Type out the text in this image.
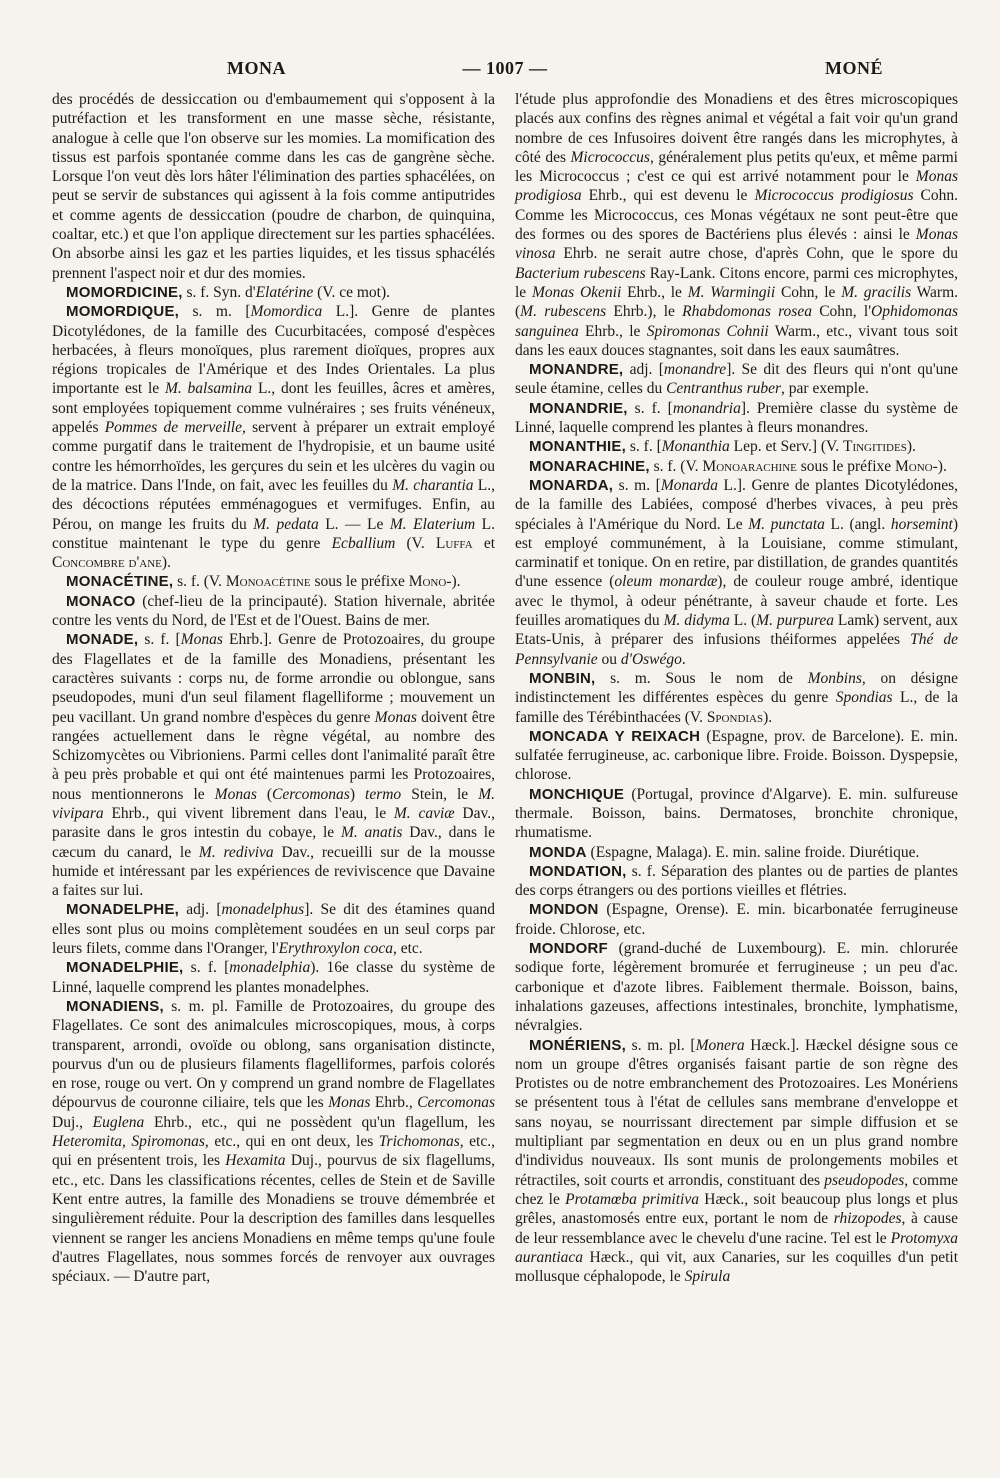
MONA	— 1007 —	MONÉ

des procédés de dessiccation ou d'embaumement qui s'opposent à la putréfaction et les transforment en une masse sèche, résistante, analogue à celle que l'on observe sur les momies. La momification des tissus est parfois spontanée comme dans les cas de gangrène sèche. Lorsque l'on veut dès lors hâter l'élimination des parties sphacélées, on peut se servir de substances qui agissent à la fois comme antiputrides et comme agents de dessiccation (poudre de charbon, de quinquina, coaltar, etc.) et que l'on applique directement sur les parties sphacélées. On absorbe ainsi les gaz et les parties liquides, et les tissus sphacélés prennent l'aspect noir et dur des momies.

MOMORDICINE, s. f. Syn. d'Elatérine (V. ce mot).

MOMORDIQUE, s. m. [Momordica L.]. Genre de plantes Dicotylédones, de la famille des Cucurbitacées, composé d'espèces herbacées, à fleurs monoïques, plus rarement dioïques, propres aux régions tropicales de l'Amérique et des Indes Orientales. La plus importante est le M. balsamina L., dont les feuilles, âcres et amères, sont employées topiquement comme vulnéraires ; ses fruits vénéneux, appelés Pommes de merveille, servent à préparer un extrait employé comme purgatif dans le traitement de l'hydropisie, et un baume usité contre les hémorrhoïdes, les gerçures du sein et les ulcères du vagin ou de la matrice. Dans l'Inde, on fait, avec les feuilles du M. charantia L., des décoctions réputées emménagogues et vermifuges. Enfin, au Pérou, on mange les fruits du M. pedata L. — Le M. Elaterium L. constitue maintenant le type du genre Ecballium (V. Luffa et Concombre d'ane).

MONACÉTINE, s. f. (V. Monoacétine sous le préfixe Mono-).

MONACO (chef-lieu de la principauté). Station hivernale, abritée contre les vents du Nord, de l'Est et de l'Ouest. Bains de mer.

MONADE, s. f. [Monas Ehrb.]. Genre de Protozoaires, du groupe des Flagellates et de la famille des Monadiens, présentant les caractères suivants : corps nu, de forme arrondie ou oblongue, sans pseudopodes, muni d'un seul filament flagelliforme ; mouvement un peu vacillant. Un grand nombre d'espèces du genre Monas doivent être rangées actuellement dans le règne végétal, au nombre des Schizomycètes ou Vibrioniens. Parmi celles dont l'animalité paraît être à peu près probable et qui ont été maintenues parmi les Protozoaires, nous mentionnerons le Monas (Cercomonas) termo Stein, le M. vivipara Ehrb., qui vivent librement dans l'eau, le M. caviæ Dav., parasite dans le gros intestin du cobaye, le M. anatis Dav., dans le cæcum du canard, le M. rediviva Dav., recueilli sur de la mousse humide et intéressant par les expériences de reviviscence que Davaine a faites sur lui.

MONADELPHE, adj. [monadelphus]. Se dit des étamines quand elles sont plus ou moins complètement soudées en un seul corps par leurs filets, comme dans l'Oranger, l'Erythroxylon coca, etc.

MONADELPHIE, s. f. [monadelphia). 16e classe du système de Linné, laquelle comprend les plantes monadelphes.

MONADIENS, s. m. pl. Famille de Protozoaires, du groupe des Flagellates. Ce sont des animalcules microscopiques, mous, à corps transparent, arrondi, ovoïde ou oblong, sans organisation distincte, pourvus d'un ou de plusieurs filaments flagelliformes, parfois colorés en rose, rouge ou vert. On y comprend un grand nombre de Flagellates dépourvus de couronne ciliaire, tels que les Monas Ehrb., Cercomonas Duj., Euglena Ehrb., etc., qui ne possèdent qu'un flagellum, les Heteromita, Spiromonas, etc., qui en ont deux, les Trichomonas, etc., qui en présentent trois, les Hexamita Duj., pourvus de six flagellums, etc., etc. Dans les classifications récentes, celles de Stein et de Saville Kent entre autres, la famille des Monadiens se trouve démembrée et singulièrement réduite. Pour la description des familles dans lesquelles viennent se ranger les anciens Monadiens en même temps qu'une foule d'autres Flagellates, nous sommes forcés de renvoyer aux ouvrages spéciaux. — D'autre part,

l'étude plus approfondie des Monadiens et des êtres microscopiques placés aux confins des règnes animal et végétal a fait voir qu'un grand nombre de ces Infusoires doivent être rangés dans les microphytes, à côté des Micrococcus, généralement plus petits qu'eux, et même parmi les Micrococcus ; c'est ce qui est arrivé notamment pour le Monas prodigiosa Ehrb., qui est devenu le Micrococcus prodigiosus Cohn. Comme les Micrococcus, ces Monas végétaux ne sont peut-être que des formes ou des spores de Bactériens plus élevés : ainsi le Monas vinosa Ehrb. ne serait autre chose, d'après Cohn, que le spore du Bacterium rubescens Ray-Lank. Citons encore, parmi ces microphytes, le Monas Okenii Ehrb., le M. Warmingii Cohn, le M. gracilis Warm. (M. rubescens Ehrb.), le Rhabdomonas rosea Cohn, l'Ophidomonas sanguinea Ehrb., le Spiromonas Cohnii Warm., etc., vivant tous soit dans les eaux douces stagnantes, soit dans les eaux saumâtres.

MONANDRE, adj. [monandre]. Se dit des fleurs qui n'ont qu'une seule étamine, celles du Centranthus ruber, par exemple.

MONANDRIE, s. f. [monandria]. Première classe du système de Linné, laquelle comprend les plantes à fleurs monandres.

MONANTHIE, s. f. [Monanthia Lep. et Serv.] (V. Tingitides).

MONARACHINE, s. f. (V. Monoarachine sous le préfixe Mono-).

MONARDA, s. m. [Monarda L.]. Genre de plantes Dicotylédones, de la famille des Labiées, composé d'herbes vivaces, à peu près spéciales à l'Amérique du Nord. Le M. punctata L. (angl. horsemint) est employé communément, à la Louisiane, comme stimulant, carminatif et tonique. On en retire, par distillation, de grandes quantités d'une essence (oleum monardæ), de couleur rouge ambré, identique avec le thymol, à odeur pénétrante, à saveur chaude et forte. Les feuilles aromatiques du M. didyma L. (M. purpurea Lamk) servent, aux Etats-Unis, à préparer des infusions théiformes appelées Thé de Pennsylvanie ou d'Oswégo.

MONBIN, s. m. Sous le nom de Monbins, on désigne indistinctement les différentes espèces du genre Spondias L., de la famille des Térébinthacées (V. Spondias).

MONCADA Y REIXACH (Espagne, prov. de Barcelone). E. min. sulfatée ferrugineuse, ac. carbonique libre. Froide. Boisson. Dyspepsie, chlorose.

MONCHIQUE (Portugal, province d'Algarve). E. min. sulfureuse thermale. Boisson, bains. Dermatoses, bronchite chronique, rhumatisme.

MONDA (Espagne, Malaga). E. min. saline froide. Diurétique.

MONDATION, s. f. Séparation des plantes ou de parties de plantes des corps étrangers ou des portions vieilles et flétries.

MONDON (Espagne, Orense). E. min. bicarbonatée ferrugineuse froide. Chlorose, etc.

MONDORF (grand-duché de Luxembourg). E. min. chlorurée sodique forte, légèrement bromurée et ferrugineuse ; un peu d'ac. carbonique et d'azote libres. Faiblement thermale. Boisson, bains, inhalations gazeuses, affections intestinales, bronchite, lymphatisme, névralgies.

MONÉRIENS, s. m. pl. [Monera Hæck.]. Hæckel désigne sous ce nom un groupe d'êtres organisés faisant partie de son règne des Protistes ou de notre embranchement des Protozoaires. Les Monériens se présentent tous à l'état de cellules sans membrane d'enveloppe et sans noyau, se nourrissant directement par simple diffusion et se multipliant par segmentation en deux ou en un plus grand nombre d'individus nouveaux. Ils sont munis de prolongements mobiles et rétractiles, soit courts et arrondis, constituant des pseudopodes, comme chez le Protamœba primitiva Hæck., soit beaucoup plus longs et plus grêles, anastomosés entre eux, portant le nom de rhizopodes, à cause de leur ressemblance avec le chevelu d'une racine. Tel est le Protomyxa aurantiaca Hæck., qui vit, aux Canaries, sur les coquilles d'un petit mollusque céphalopode, le Spirula
